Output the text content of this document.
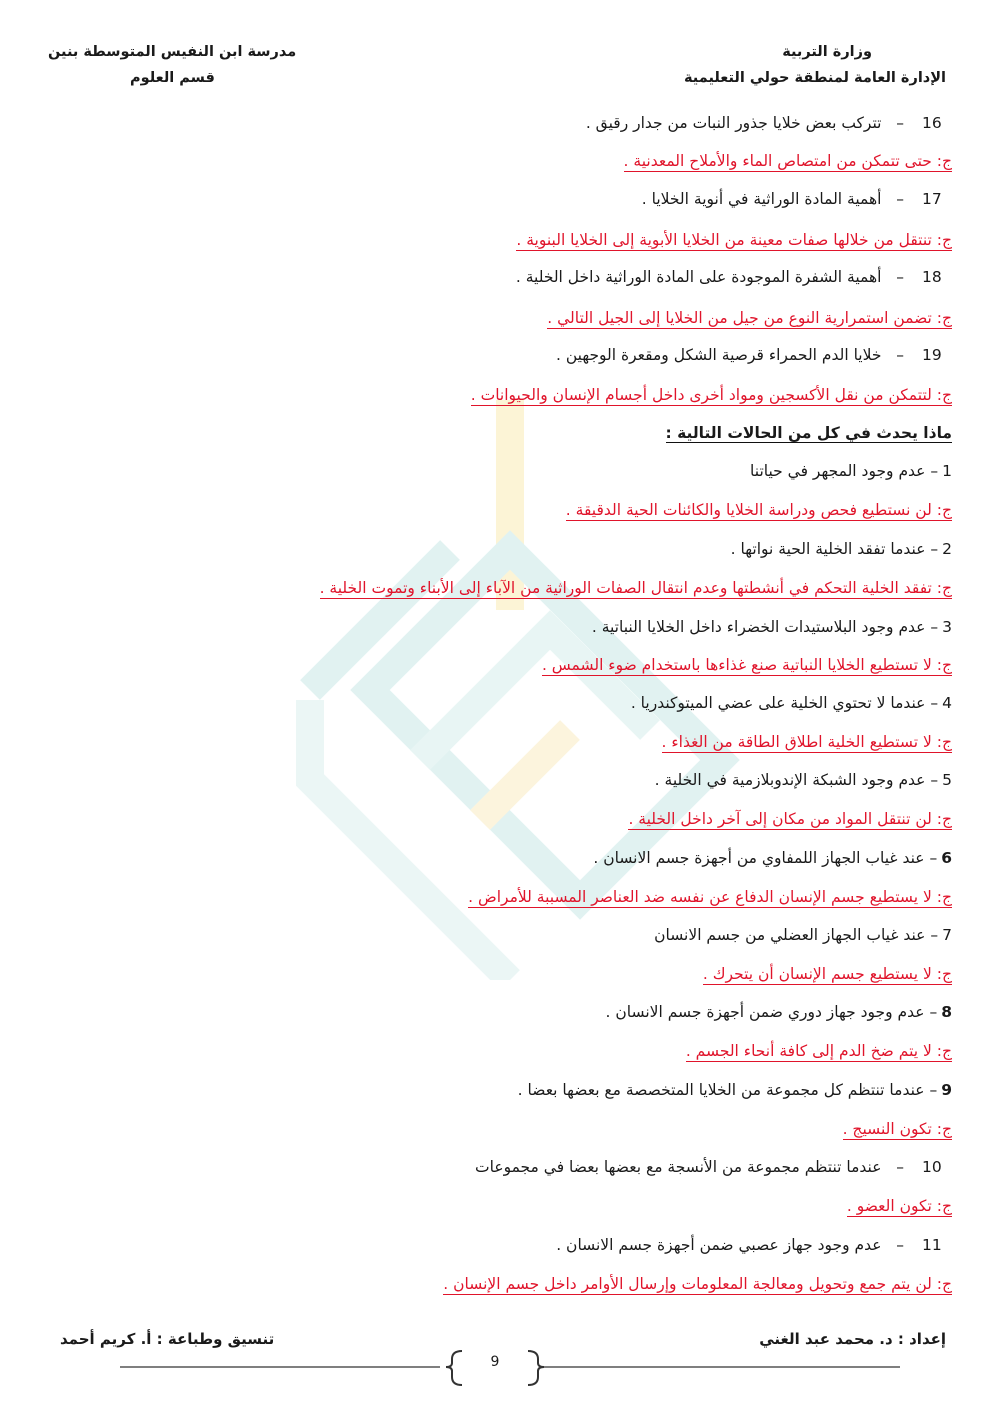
وزارة التربية
الإدارة العامة لمنطقة حولي التعليمية
مدرسة ابن النفيس المتوسطة بنين
قسم العلوم
16–   تتركب بعض خلايا جذور النبات من جدار رقيق .
ج: حتى تتمكن من امتصاص الماء والأملاح المعدنية .
17–   أهمية المادة الوراثية في أنوية الخلايا .
ج: تنتقل من خلالها صفات معينة من الخلايا الأبوية إلى الخلايا البنوية .
18–   أهمية الشفرة الموجودة على المادة الوراثية داخل الخلية .
ج: تضمن استمرارية النوع من جيل من الخلايا إلى الجيل التالي .
19–   خلايا الدم الحمراء قرصية الشكل ومقعرة الوجهين .
ج: لتتمكن من نقل الأكسجين ومواد أخرى داخل أجسام الإنسان والحيوانات .
ماذا يحدث في كل من الحالات التالية :
1– عدم وجود المجهر في حياتنا
ج: لن نستطيع فحص ودراسة الخلايا والكائنات الحية الدقيقة .
2– عندما تفقد الخلية الحية نواتها .
ج: تفقد الخلية التحكم في أنشطتها وعدم انتقال الصفات الوراثية من الآباء إلى الأبناء وتموت الخلية .
3– عدم وجود البلاستيدات الخضراء داخل الخلايا النباتية .
ج: لا تستطيع الخلايا النباتية صنع غذاءها باستخدام ضوء الشمس .
4– عندما لا تحتوي الخلية على عضي الميتوكندريا .
ج: لا تستطيع الخلية اطلاق الطاقة من الغذاء .
5– عدم وجود الشبكة الإندوبلازمية في الخلية .
ج: لن تنتقل المواد من مكان إلى آخر داخل الخلية .
6– عند غياب الجهاز اللمفاوي من أجهزة جسم الانسان .
ج: لا يستطيع جسم الإنسان الدفاع عن نفسه ضد العناصر المسببة للأمراض .
7– عند غياب الجهاز العضلي من جسم الانسان
ج: لا يستطيع جسم الإنسان أن يتحرك .
8– عدم وجود جهاز دوري ضمن أجهزة جسم الانسان .
ج: لا يتم ضخ الدم إلى كافة أنحاء الجسم .
9– عندما تنتظم كل مجموعة من الخلايا المتخصصة مع بعضها بعضا .
ج: تكون النسيج .
10–   عندما تنتظم مجموعة من الأنسجة مع بعضها بعضا في مجموعات
ج: تكون العضو .
11–   عدم وجود جهاز عصبي ضمن أجهزة جسم الانسان .
ج: لن يتم جمع وتحويل ومعالجة المعلومات وإرسال الأوامر داخل جسم الإنسان .
إعداد : د. محمد عبد الغني
تنسيق وطباعة : أ. كريم أحمد
9
